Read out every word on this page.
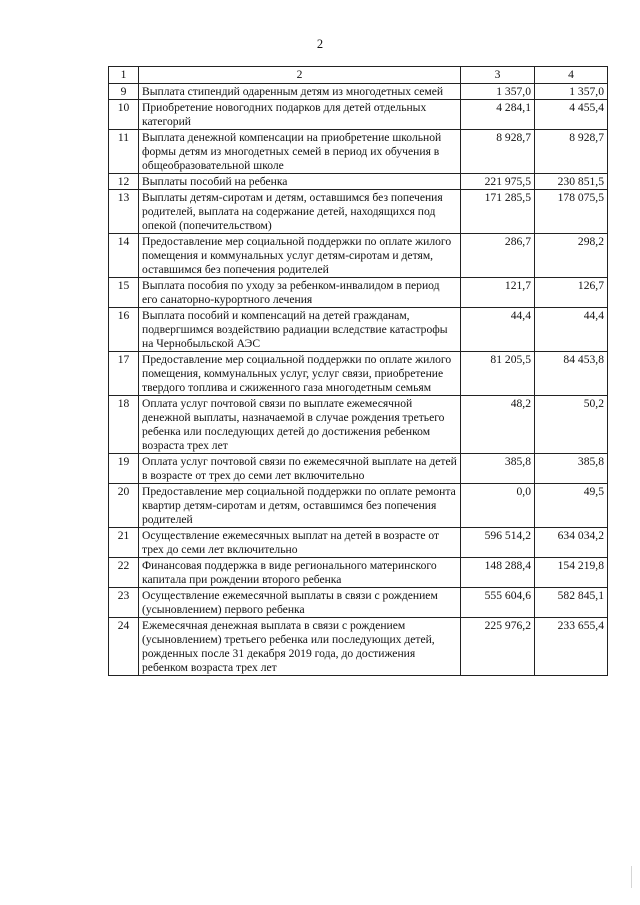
2
1	2	3	4
9	Выплата стипендий одаренным детям из многодетных семей	1 357,0	1 357,0
10	Приобретение новогодних подарков для детей отдельных категорий	4 284,1	4 455,4
11	Выплата денежной компенсации на приобретение школьной формы детям из многодетных семей в период их обучения в общеобразовательной школе	8 928,7	8 928,7
12	Выплаты пособий на ребенка	221 975,5	230 851,5
13	Выплаты детям-сиротам и детям, оставшимся без попечения родителей, выплата на содержание детей, находящихся под опекой (попечительством)	171 285,5	178 075,5
14	Предоставление мер социальной поддержки по оплате жилого помещения и коммунальных услуг детям-сиротам и детям, оставшимся без попечения родителей	286,7	298,2
15	Выплата пособия по уходу за ребенком-инвалидом в период его санаторно-курортного лечения	121,7	126,7
16	Выплата пособий и компенсаций на детей гражданам, подвергшимся воздействию радиации вследствие катастрофы на Чернобыльской АЭС	44,4	44,4
17	Предоставление мер социальной поддержки по оплате жилого помещения, коммунальных услуг, услуг связи, приобретение твердого топлива и сжиженного газа многодетным семьям	81 205,5	84 453,8
18	Оплата услуг почтовой связи по выплате ежемесячной денежной выплаты, назначаемой в случае рождения третьего ребенка или последующих детей до достижения ребенком возраста трех лет	48,2	50,2
19	Оплата услуг почтовой связи по ежемесячной выплате на детей в возрасте от трех до семи лет включительно	385,8	385,8
20	Предоставление мер социальной поддержки по оплате ремонта квартир детям-сиротам и детям, оставшимся без попечения родителей	0,0	49,5
21	Осуществление ежемесячных выплат на детей в возрасте от трех до семи лет включительно	596 514,2	634 034,2
22	Финансовая поддержка в виде регионального материнского капитала при рождении второго ребенка	148 288,4	154 219,8
23	Осуществление ежемесячной выплаты в связи с рождением (усыновлением) первого ребенка	555 604,6	582 845,1
24	Ежемесячная денежная выплата в связи с рождением (усыновлением) третьего ребенка или последующих детей, рожденных после 31 декабря 2019 года, до достижения ребенком возраста трех лет	225 976,2	233 655,4
